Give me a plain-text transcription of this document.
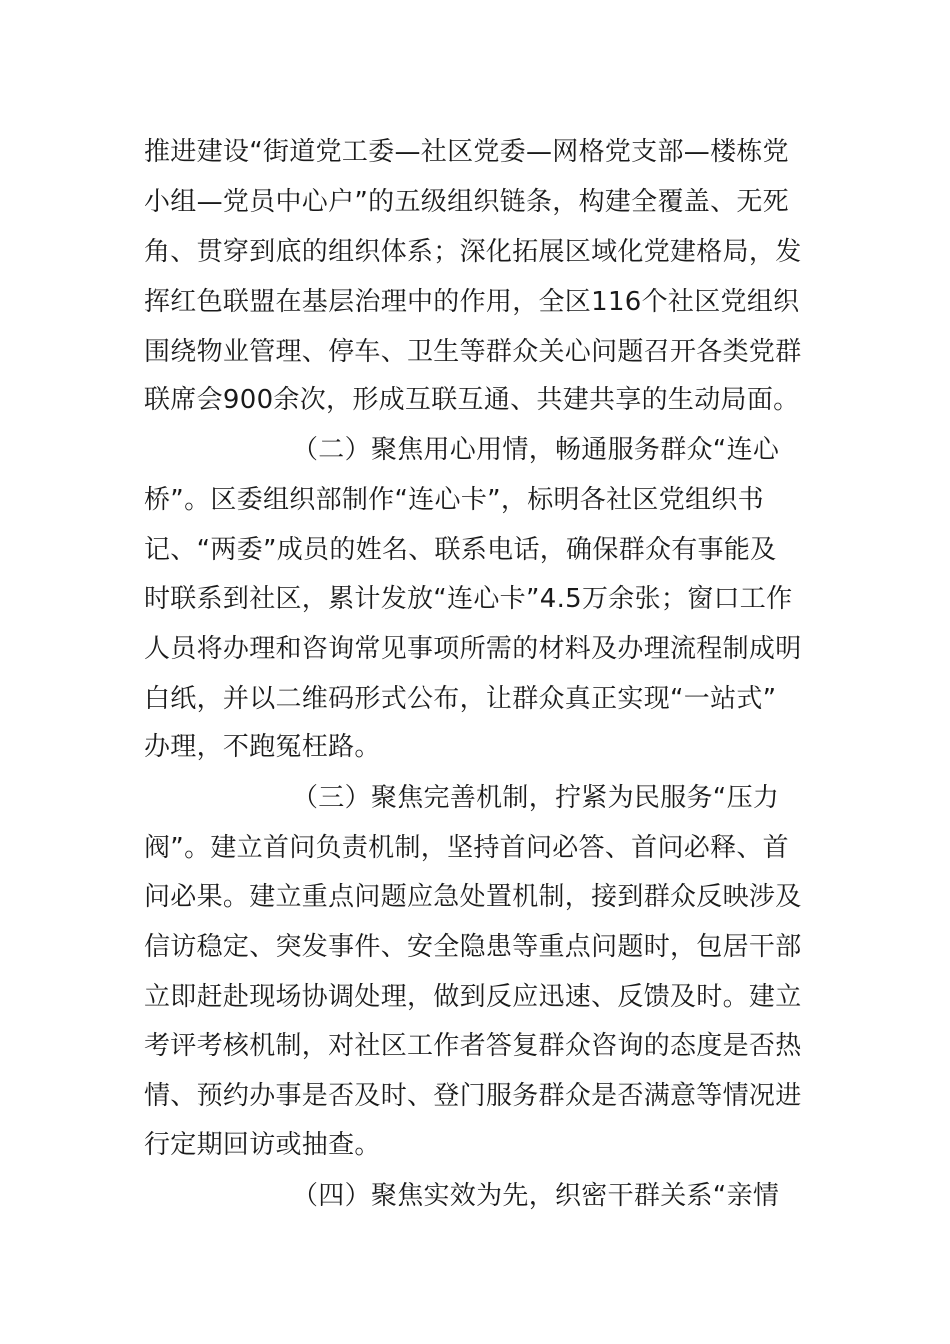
推进建设“街道党工委—社区党委—网格党支部—楼栋党
小组—党员中心户”的五级组织链条，构建全覆盖、无死
角、贯穿到底的组织体系；深化拓展区域化党建格局，发
挥红色联盟在基层治理中的作用，全区116个社区党组织
围绕物业管理、停车、卫生等群众关心问题召开各类党群
联席会900余次，形成互联互通、共建共享的生动局面。
（二）聚焦用心用情，畅通服务群众“连心
桥”。区委组织部制作“连心卡”，标明各社区党组织书
记、“两委”成员的姓名、联系电话，确保群众有事能及
时联系到社区，累计发放“连心卡”4.5万余张；窗口工作
人员将办理和咨询常见事项所需的材料及办理流程制成明
白纸，并以二维码形式公布，让群众真正实现“一站式”
办理，不跑冤枉路。
（三）聚焦完善机制，拧紧为民服务“压力
阀”。建立首问负责机制，坚持首问必答、首问必释、首
问必果。建立重点问题应急处置机制，接到群众反映涉及
信访稳定、突发事件、安全隐患等重点问题时，包居干部
立即赶赴现场协调处理，做到反应迅速、反馈及时。建立
考评考核机制，对社区工作者答复群众咨询的态度是否热
情、预约办事是否及时、登门服务群众是否满意等情况进
行定期回访或抽查。
（四）聚焦实效为先，织密干群关系“亲情
